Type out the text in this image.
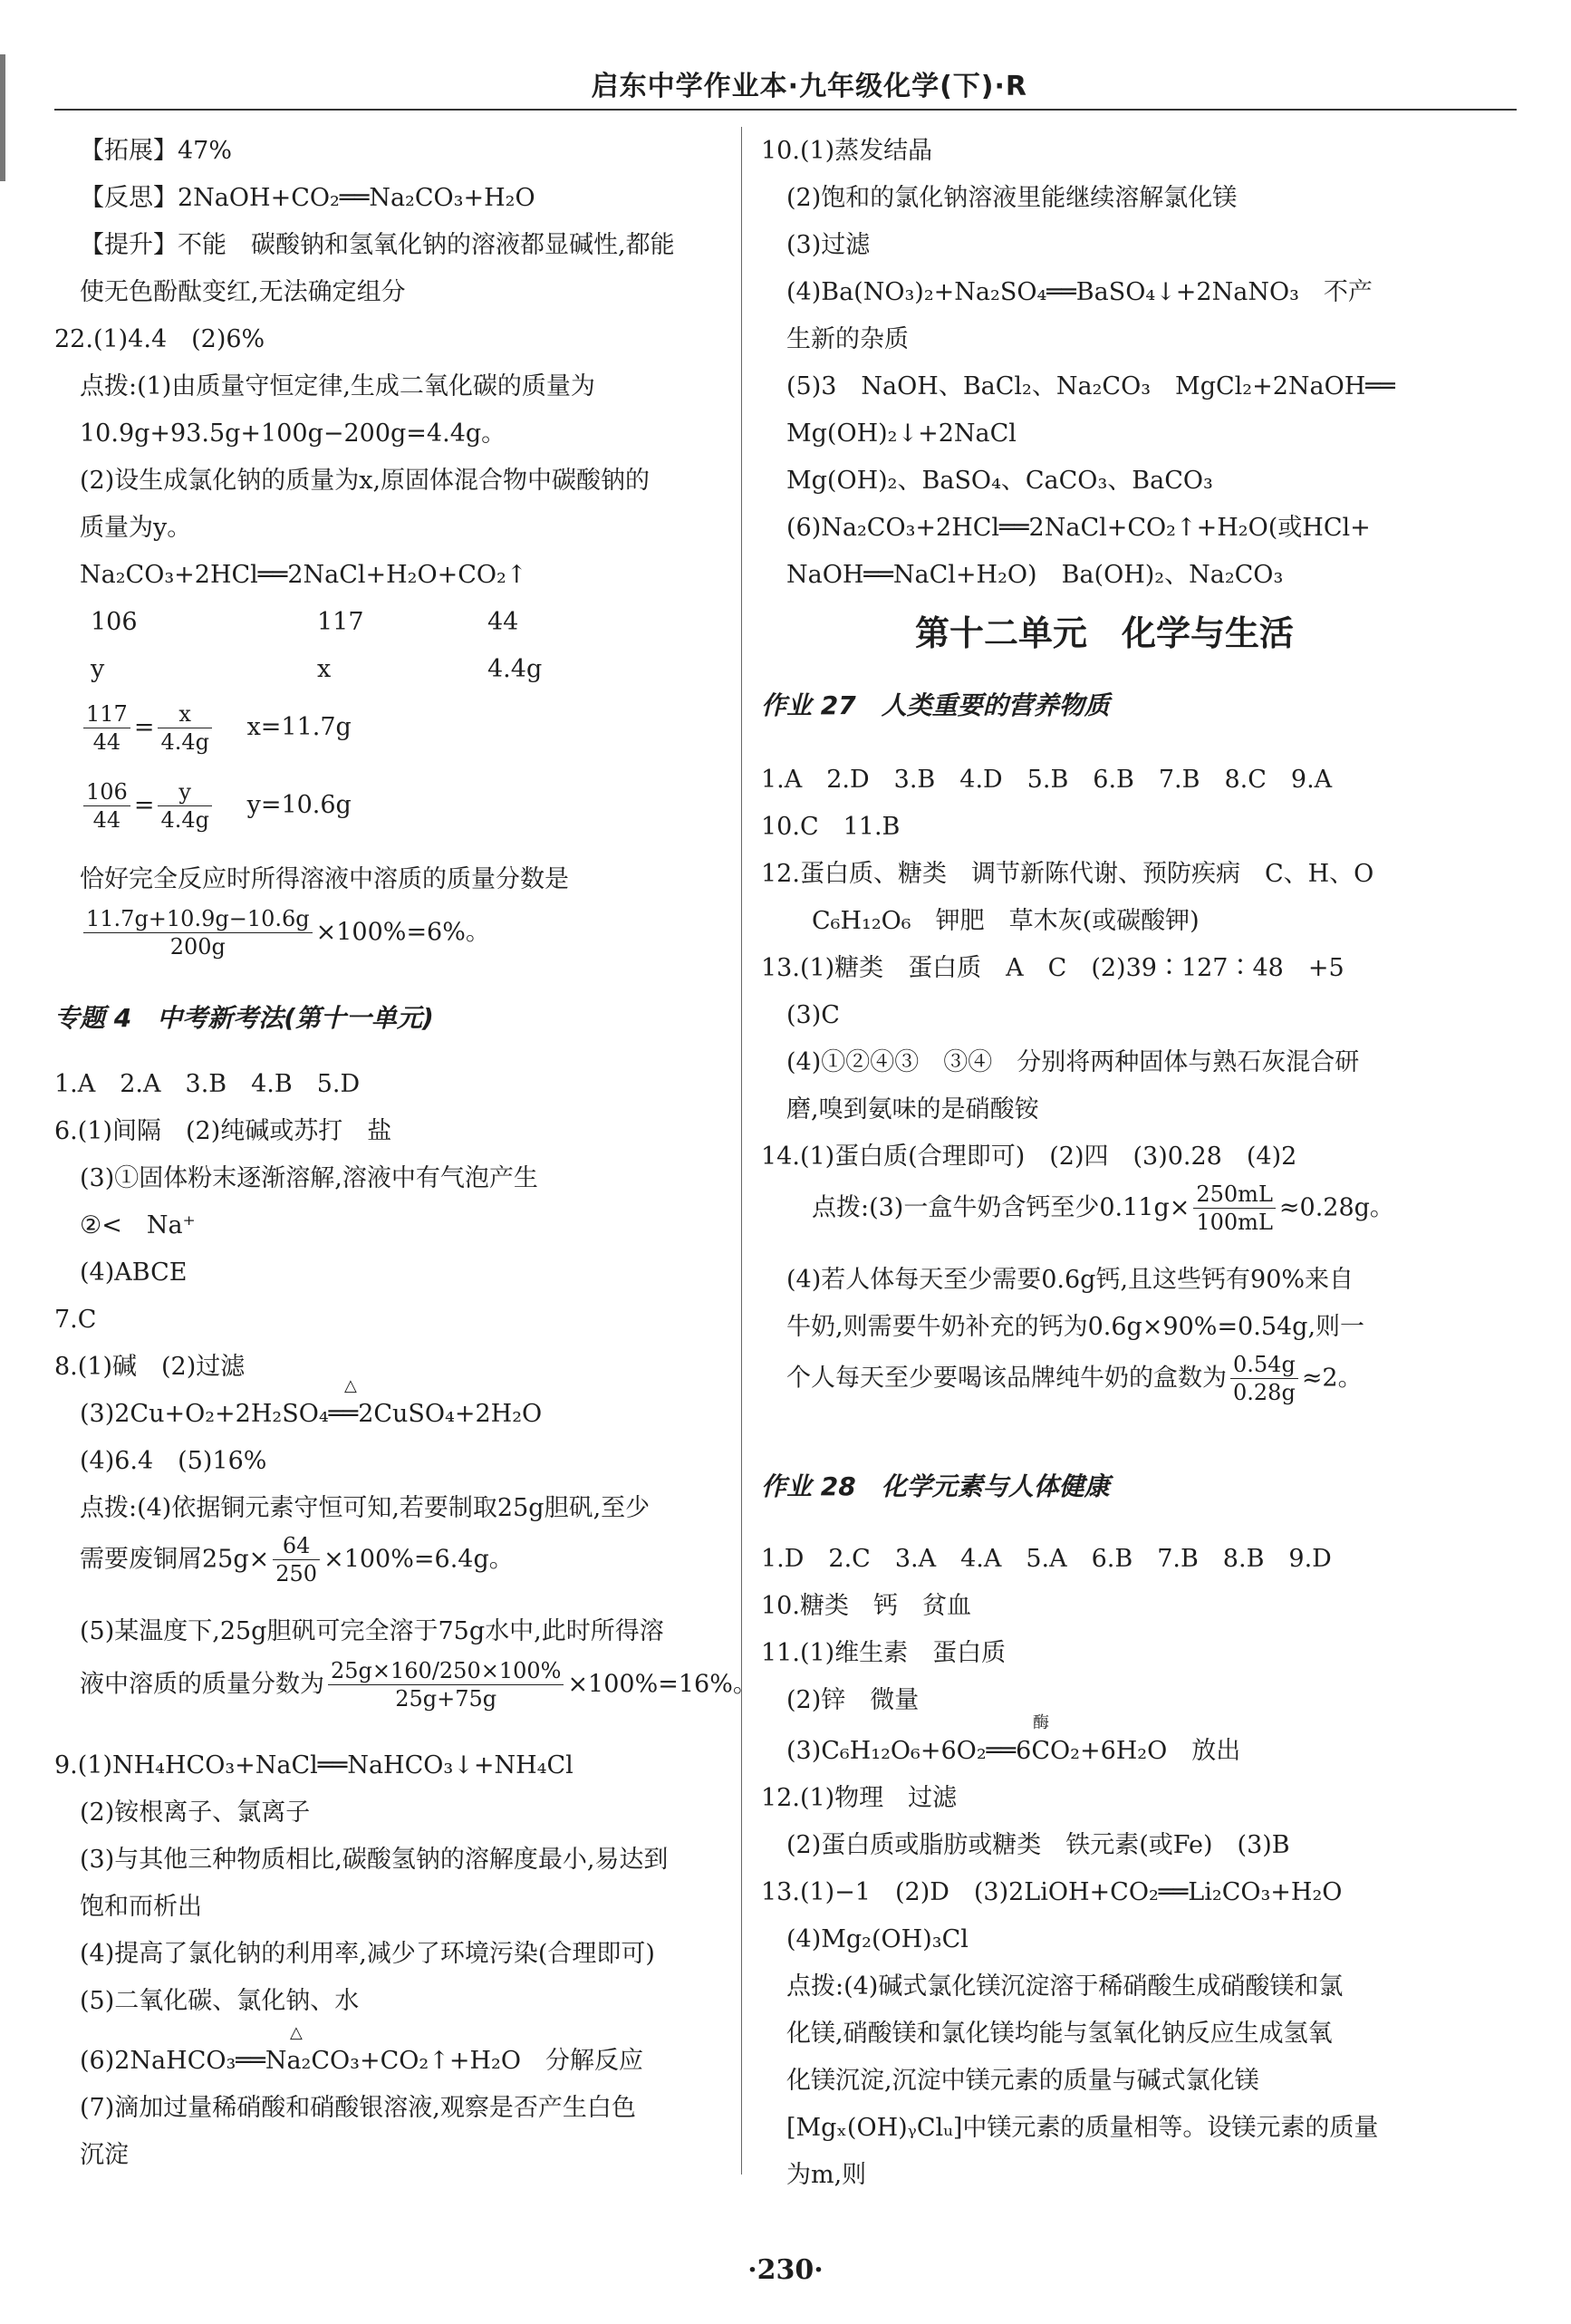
启东中学作业本·九年级化学(下)·R
【拓展】47%
【反思】2NaOH+CO₂══Na₂CO₃+H₂O
【提升】不能　碳酸钠和氢氧化钠的溶液都显碱性,都能
使无色酚酞变红,无法确定组分
22.(1)4.4　(2)6%
点拨:(1)由质量守恒定律,生成二氧化碳的质量为
10.9g+93.5g+100g−200g=4.4g。
(2)设生成氯化钠的质量为x,原固体混合物中碳酸钠的
质量为y。
Na₂CO₃+2HCl══2NaCl+H₂O+CO₂↑
106	117	44
y	x	4.4g
$\frac{117}{44} = \frac{x}{4.4g} x=11.7g$
$\frac{106}{44} = \frac{y}{4.4g} y=10.6g$
恰好完全反应时所得溶液中溶质的质量分数是
$\frac{11.7g+10.9g-10.6g}{200g} \times 100\%=6\%$。
专题 4　中考新考法(第十一单元)
1.A　2.A　3.B　4.B　5.D
6.(1)间隔　(2)纯碱或苏打　盐
(3)①固体粉末逐渐溶解,溶液中有气泡产生
②<　Na⁺
(4)ABCE
7.C
8.(1)碱　(2)过滤
△
(3)2Cu+O₂+2H₂SO₄══2CuSO₄+2H₂O
(4)6.4　(5)16%
点拨:(4)依据铜元素守恒可知,若要制取25g胆矾,至少
需要废铜屑$25g\times \frac{64}{250} \times 100\%=6.4g$。
(5)某温度下,25g胆矾可完全溶于75g水中,此时所得溶
液中溶质的质量分数为 $\frac{25g\times 160/250\times 100\%}{25g+75g} \times 100\%=16\%$。
9.(1)NH₄HCO₃+NaCl══NaHCO₃↓+NH₄Cl
(2)铵根离子、氯离子
(3)与其他三种物质相比,碳酸氢钠的溶解度最小,易达到
饱和而析出
(4)提高了氯化钠的利用率,减少了环境污染(合理即可)
(5)二氧化碳、氯化钠、水
△
(6)2NaHCO₃══Na₂CO₃+CO₂↑+H₂O　分解反应
(7)滴加过量稀硝酸和硝酸银溶液,观察是否产生白色
沉淀
10.(1)蒸发结晶
(2)饱和的氯化钠溶液里能继续溶解氯化镁
(3)过滤
(4)Ba(NO₃)₂+Na₂SO₄══BaSO₄↓+2NaNO₃　不产
生新的杂质
(5)3　NaOH、BaCl₂、Na₂CO₃　MgCl₂+2NaOH══
Mg(OH)₂↓+2NaCl
Mg(OH)₂、BaSO₄、CaCO₃、BaCO₃
(6)Na₂CO₃+2HCl══2NaCl+CO₂↑+H₂O(或HCl+
NaOH══NaCl+H₂O)　Ba(OH)₂、Na₂CO₃
第十二单元　化学与生活
作业 27　人类重要的营养物质
1.A　2.D　3.B　4.D　5.B　6.B　7.B　8.C　9.A
10.C　11.B
12.蛋白质、糖类　调节新陈代谢、预防疾病　C、H、O
C₆H₁₂O₆　钾肥　草木灰(或碳酸钾)
13.(1)糖类　蛋白质　A　C　(2)39∶127∶48　+5
(3)C
(4)①②④③　③④　分别将两种固体与熟石灰混合研
磨,嗅到氨味的是硝酸铵
14.(1)蛋白质(合理即可)　(2)四　(3)0.28　(4)2
点拨:(3)一盒牛奶含钙至少$0.11g\times \frac{250mL}{100mL} \approx 0.28g$。
(4)若人体每天至少需要0.6g钙,且这些钙有90%来自
牛奶,则需要牛奶补充的钙为0.6g×90%=0.54g,则一
个人每天至少要喝该品牌纯牛奶的盒数为 $\frac{0.54g}{0.28g} \approx 2$。
作业 28　化学元素与人体健康
1.D　2.C　3.A　4.A　5.A　6.B　7.B　8.B　9.D
10.糖类　钙　贫血
11.(1)维生素　蛋白质
(2)锌　微量
酶
(3)C₆H₁₂O₆+6O₂══6CO₂+6H₂O　放出
12.(1)物理　过滤
(2)蛋白质或脂肪或糖类　铁元素(或Fe)　(3)B
13.(1)−1　(2)D　(3)2LiOH+CO₂══Li₂CO₃+H₂O
(4)Mg₂(OH)₃Cl
点拨:(4)碱式氯化镁沉淀溶于稀硝酸生成硝酸镁和氯
化镁,硝酸镁和氯化镁均能与氢氧化钠反应生成氢氧
化镁沉淀,沉淀中镁元素的质量与碱式氯化镁
[Mgₓ(OH)ᵧClᵤ]中镁元素的质量相等。设镁元素的质量
为m,则
·230·
